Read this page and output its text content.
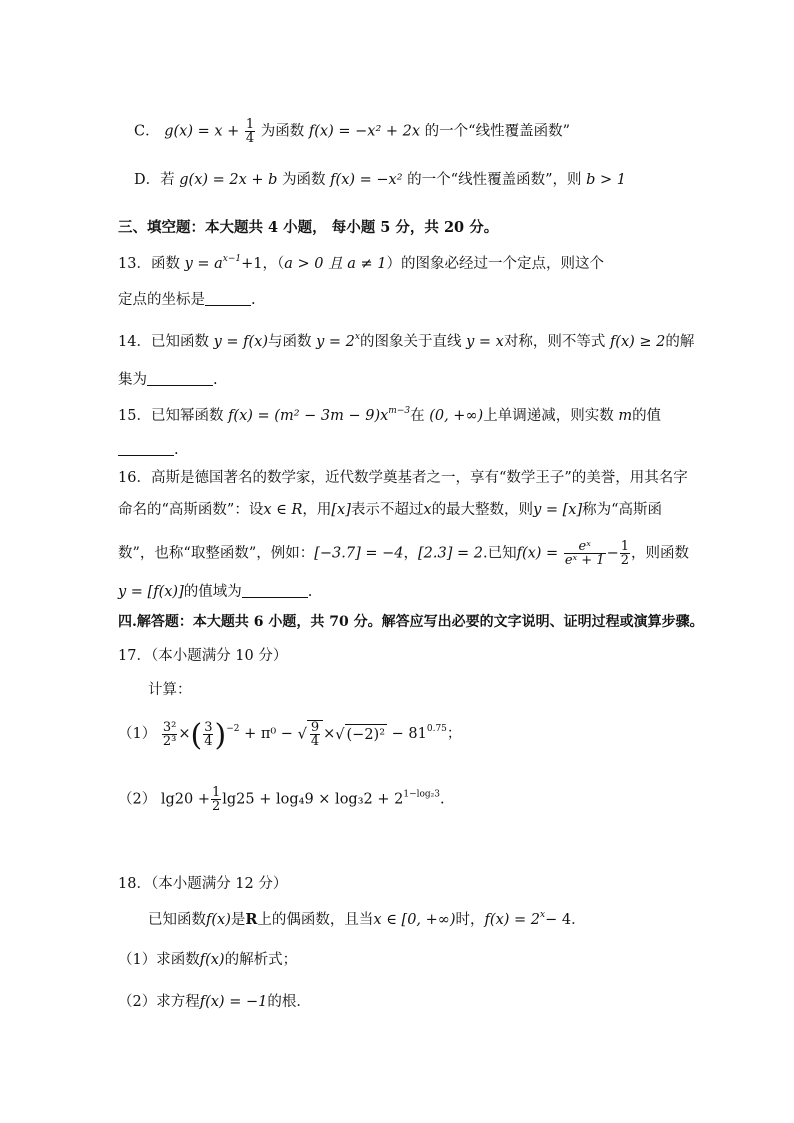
C． $g(x) = x + \frac{1}{4}$ 为函数 f(x) = −x² + 2x 的一个“线性覆盖函数”
D．若 g(x) = 2x + b 为函数 f(x) = −x² 的一个“线性覆盖函数”，则 b > 1
三、填空题：本大题共 4 小题， 每小题 5 分，共 20 分。
13．函数 $y = a^{x-1}+1$，（a > 0 且 a ≠ 1）的图象必经过一个定点，则这个
定点的坐标是	.
14．已知函数 y = f(x)与函数 $y = 2^x$的图象关于直线 y = x对称，则不等式 f(x) ≥ 2的解
集为	.
15．已知幂函数 $f(x) = (m^2 - 3m - 9)x^{m-3}$在 (0, +∞)上单调递减，则实数 m的值
.
16．高斯是德国著名的数学家，近代数学奠基者之一，享有“数学王子”的美誉，用其名字
命名的“高斯函数”：设x ∈ R，用[x]表示不超过x的最大整数，则y = [x]称为“高斯函
数”，也称“取整函数”，例如：[−3.7] = −4，[2.3] = 2.已知$f(x) = \frac{\text{eˣ}}{\text{eˣ + 1}} - \frac{1}{2}$ ，则函数
y = [f(x)]的值域为	.
四.解答题：本大题共 6 小题，共 70 分。解答应写出必要的文字说明、证明过程或演算步骤。
17．（本小题满分 10 分）
计算：
$(1) \frac{\text{3²}}{\text{2³}}$ ×( $\frac{3}{4} )^{-2} + \pi^0$ − √ $\frac{9}{4}$ ×√ $(-2)^2 - 81^{0.75}$；
（2） $\lg 20 + \frac{1}{2} \lg 25 + \log_49 \times \log_32 + 2^{1-log_23}$.
18．（本小题满分 12 分）
已知函数f(x)是R上的偶函数，且当x ∈ [0, +∞)时，$f(x) = 2^x- 4$．
（1）求函数f(x)的解析式；
（2）求方程f(x) = −1的根．
